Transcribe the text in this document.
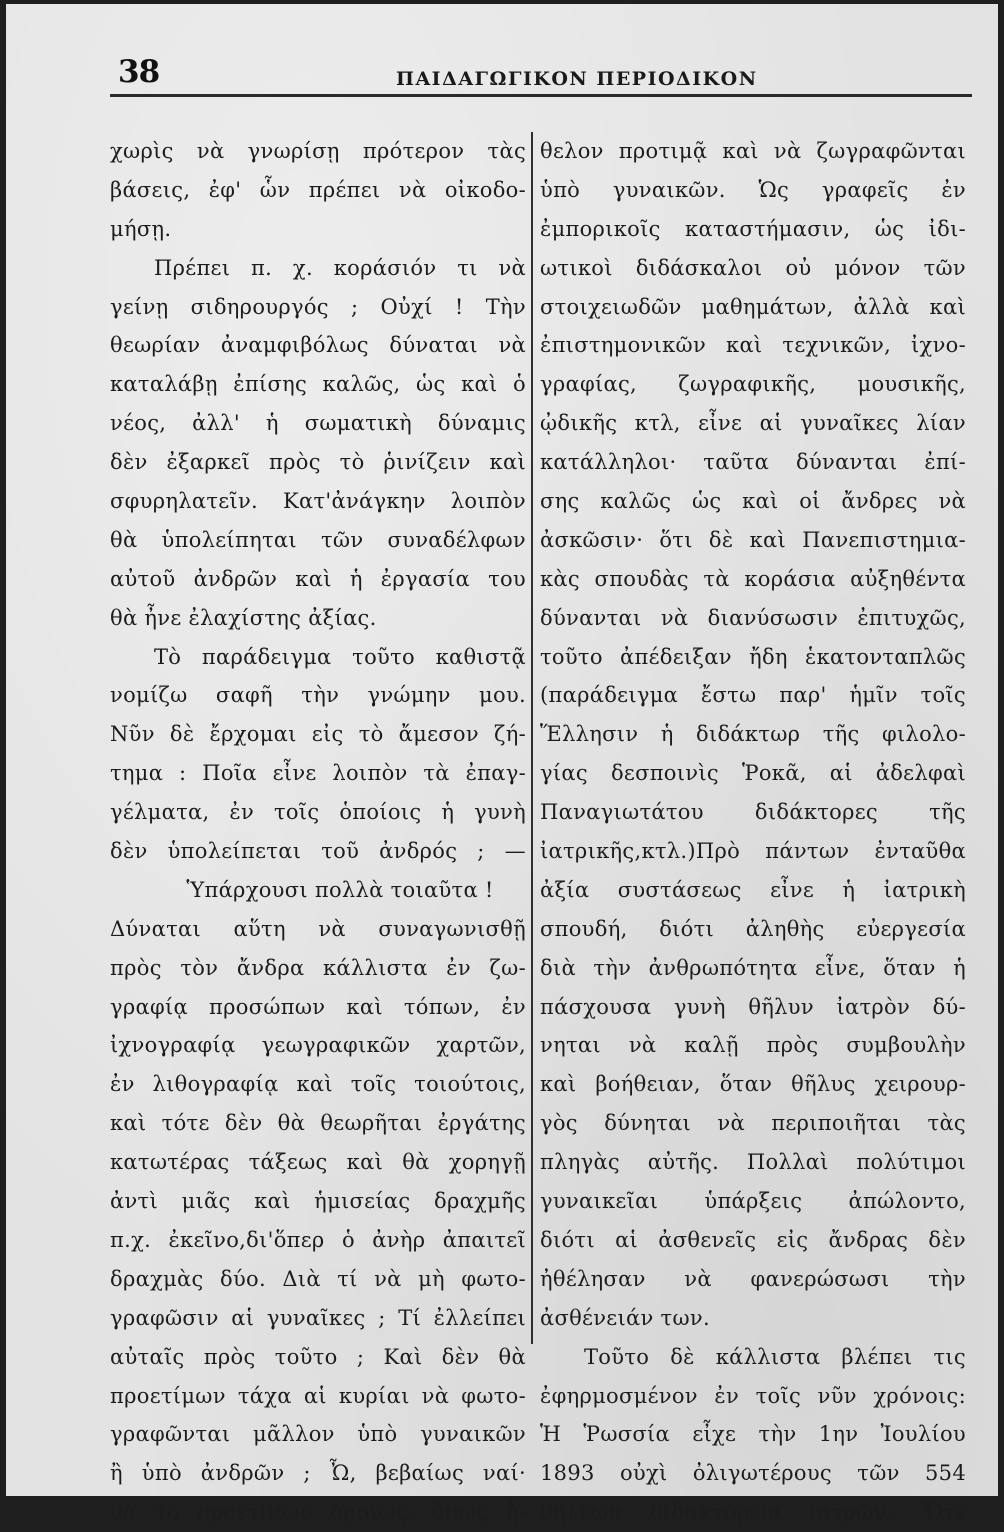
38	ΠΑΙΔΑΓΩΓΙΚΟΝ ΠΕΡΙΟΔΙΚΟΝ
χωρὶς νὰ γνωρίσῃ πρότερον τὰς
βάσεις, ἐφ' ὧν πρέπει νὰ οἰκοδο-
μήσῃ.
Πρέπει π. χ. κοράσιόν τι νὰ
γείνῃ σιδηρουργός ; Οὐχί ! Τὴν
θεωρίαν ἀναμφιβόλως δύναται νὰ
καταλάβῃ ἐπίσης καλῶς, ὡς καὶ ὁ
νέος, ἀλλ' ἡ σωματικὴ δύναμις
δὲν ἐξαρκεῖ πρὸς τὸ ῥινίζειν καὶ
σφυρηλατεῖν. Κατ'ἀνάγκην λοιπὸν
θὰ ὑπολείπηται τῶν συναδέλφων
αὐτοῦ ἀνδρῶν καὶ ἡ ἐργασία του
θὰ ἦνε ἐλαχίστης ἀξίας.
Τὸ παράδειγμα τοῦτο καθιστᾷ
νομίζω σαφῆ τὴν γνώμην μου.
Νῦν δὲ ἔρχομαι εἰς τὸ ἄμεσον ζή-
τημα : Ποῖα εἶνε λοιπὸν τὰ ἐπαγ-
γέλματα, ἐν τοῖς ὁποίοις ἡ γυνὴ
δὲν ὑπολείπεται τοῦ ἀνδρός ; —
Ὑπάρχουσι πολλὰ τοιαῦτα !
Δύναται αὕτη νὰ συναγωνισθῇ
πρὸς τὸν ἄνδρα κάλλιστα ἐν ζω-
γραφίᾳ προσώπων καὶ τόπων, ἐν
ἰχνογραφίᾳ γεωγραφικῶν χαρτῶν,
ἐν λιθογραφίᾳ καὶ τοῖς τοιούτοις,
καὶ τότε δὲν θὰ θεωρῆται ἐργάτης
κατωτέρας τάξεως καὶ θὰ χορηγῇ
ἀντὶ μιᾶς καὶ ἡμισείας δραχμῆς
π.χ. ἐκεῖνο,δι'ὅπερ ὁ ἀνὴρ ἀπαιτεῖ
δραχμὰς δύο. Διὰ τί νὰ μὴ φωτο-
γραφῶσιν αἱ γυναῖκες ; Τί ἐλλείπει
αὐταῖς πρὸς τοῦτο ; Καὶ δὲν θὰ
προετίμων τάχα αἱ κυρίαι νὰ φωτο-
γραφῶνται μᾶλλον ὑπὸ γυναικῶν
ἢ ὑπὸ ἀνδρῶν ; Ὦ, βεβαίως ναί·
θὰ τὸ προετίμων ὁμοίως, ὅπως ἤ-
θελον προτιμᾷ καὶ νὰ ζωγραφῶνται
ὑπὸ γυναικῶν. Ὡς γραφεῖς ἐν
ἐμπορικοῖς καταστήμασιν, ὡς ἰδι-
ωτικοὶ διδάσκαλοι οὐ μόνον τῶν
στοιχειωδῶν μαθημάτων, ἀλλὰ καὶ
ἐπιστημονικῶν καὶ τεχνικῶν, ἰχνο-
γραφίας, ζωγραφικῆς, μουσικῆς,
ᾠδικῆς κτλ, εἶνε αἱ γυναῖκες λίαν
κατάλληλοι· ταῦτα δύνανται ἐπί-
σης καλῶς ὡς καὶ οἱ ἄνδρες νὰ
ἀσκῶσιν· ὅτι δὲ καὶ Πανεπιστημια-
κὰς σπουδὰς τὰ κοράσια αὐξηθέντα
δύνανται νὰ διανύσωσιν ἐπιτυχῶς,
τοῦτο ἀπέδειξαν ἤδη ἑκατονταπλῶς
(παράδειγμα ἔστω παρ' ἡμῖν τοῖς
Ἕλλησιν ἡ διδάκτωρ τῆς φιλολο-
γίας δεσποινὶς Ῥοκᾶ, αἱ ἀδελφαὶ
Παναγιωτάτου διδάκτορες τῆς
ἰατρικῆς,κτλ.)Πρὸ πάντων ἐνταῦθα
ἀξία συστάσεως εἶνε ἡ ἰατρικὴ
σπουδή, διότι ἀληθὴς εὐεργεσία
διὰ τὴν ἀνθρωπότητα εἶνε, ὅταν ἡ
πάσχουσα γυνὴ θῆλυν ἰατρὸν δύ-
νηται νὰ καλῇ πρὸς συμβουλὴν
καὶ βοήθειαν, ὅταν θῆλυς χειρουρ-
γὸς δύνηται νὰ περιποιῆται τὰς
πληγὰς αὐτῆς. Πολλαὶ πολύτιμοι
γυναικεῖαι ὑπάρξεις ἀπώλοντο,
διότι αἱ ἀσθενεῖς εἰς ἄνδρας δὲν
ἠθέλησαν νὰ φανερώσωσι τὴν
ἀσθένειάν των.
Τοῦτο δὲ κάλλιστα βλέπει τις
ἐφηρμοσμένον ἐν τοῖς νῦν χρόνοις:
Ἡ Ῥωσσία εἶχε τὴν 1ην Ἰουλίου
1893 οὐχὶ ὀλιγωτέρους τῶν 554
θηλέων διδακτόρων ἰατρῶν. Ὅτε
